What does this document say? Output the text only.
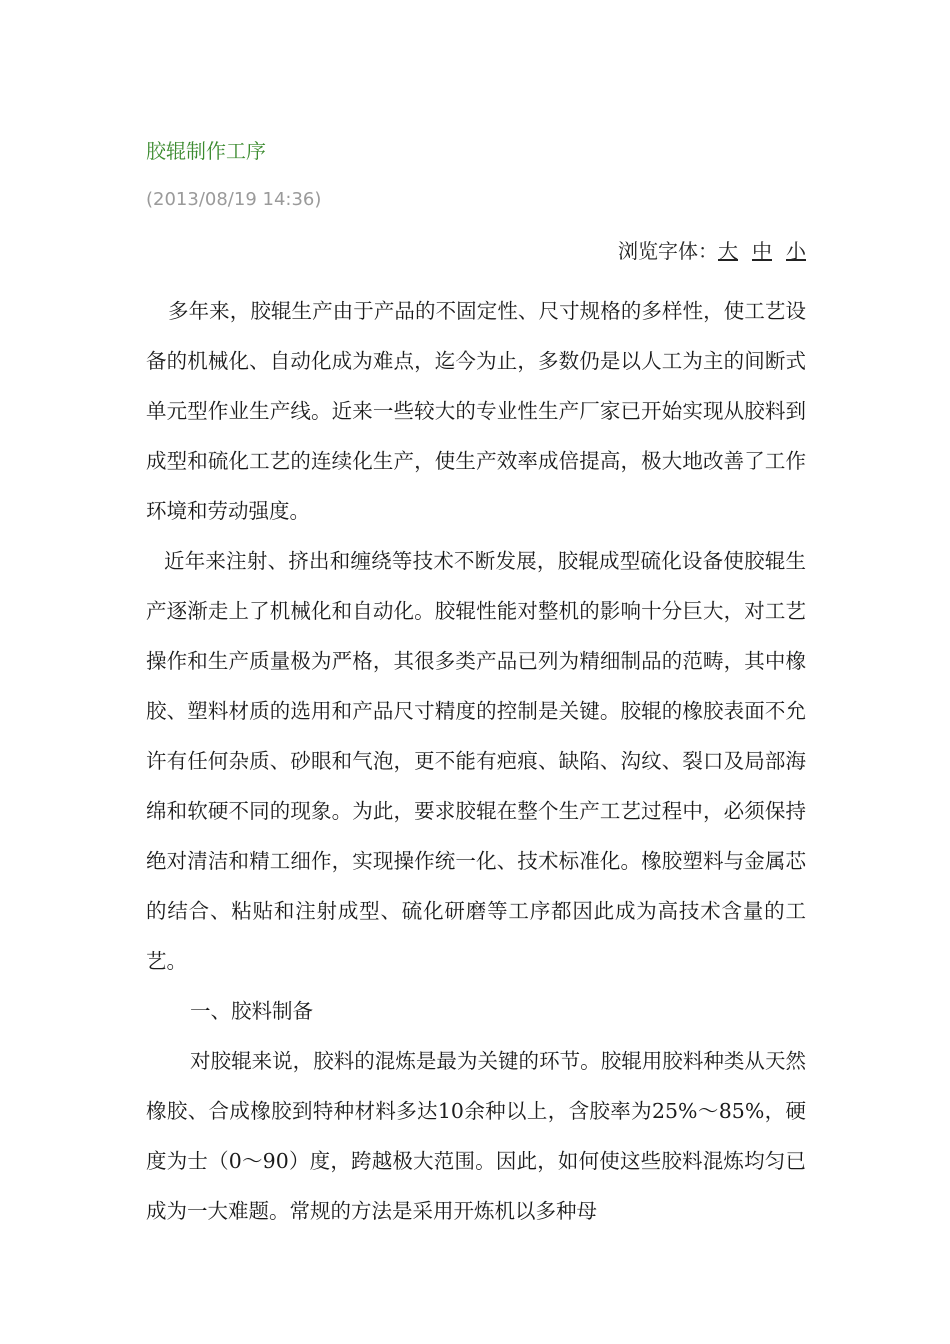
胶辊制作工序
(2013/08/19 14:36)
浏览字体：大 中 小

多年来，胶辊生产由于产品的不固定性、尺寸规格的多样性，使工艺设备的机械化、自动化成为难点，迄今为止，多数仍是以人工为主的间断式单元型作业生产线。近来一些较大的专业性生产厂家已开始实现从胶料到成型和硫化工艺的连续化生产，使生产效率成倍提高，极大地改善了工作环境和劳动强度。

近年来注射、挤出和缠绕等技术不断发展，胶辊成型硫化设备使胶辊生产逐渐走上了机械化和自动化。胶辊性能对整机的影响十分巨大，对工艺操作和生产质量极为严格，其很多类产品已列为精细制品的范畴，其中橡胶、塑料材质的选用和产品尺寸精度的控制是关键。胶辊的橡胶表面不允许有任何杂质、砂眼和气泡，更不能有疤痕、缺陷、沟纹、裂口及局部海绵和软硬不同的现象。为此，要求胶辊在整个生产工艺过程中，必须保持绝对清洁和精工细作，实现操作统一化、技术标准化。橡胶塑料与金属芯的结合、粘贴和注射成型、硫化研磨等工序都因此成为高技术含量的工艺。

一、胶料制备

对胶辊来说，胶料的混炼是最为关键的环节。胶辊用胶料种类从天然橡胶、合成橡胶到特种材料多达10余种以上，含胶率为25%～85%，硬度为士（0～90）度，跨越极大范围。因此，如何使这些胶料混炼均匀已成为一大难题。常规的方法是采用开炼机以多种母
